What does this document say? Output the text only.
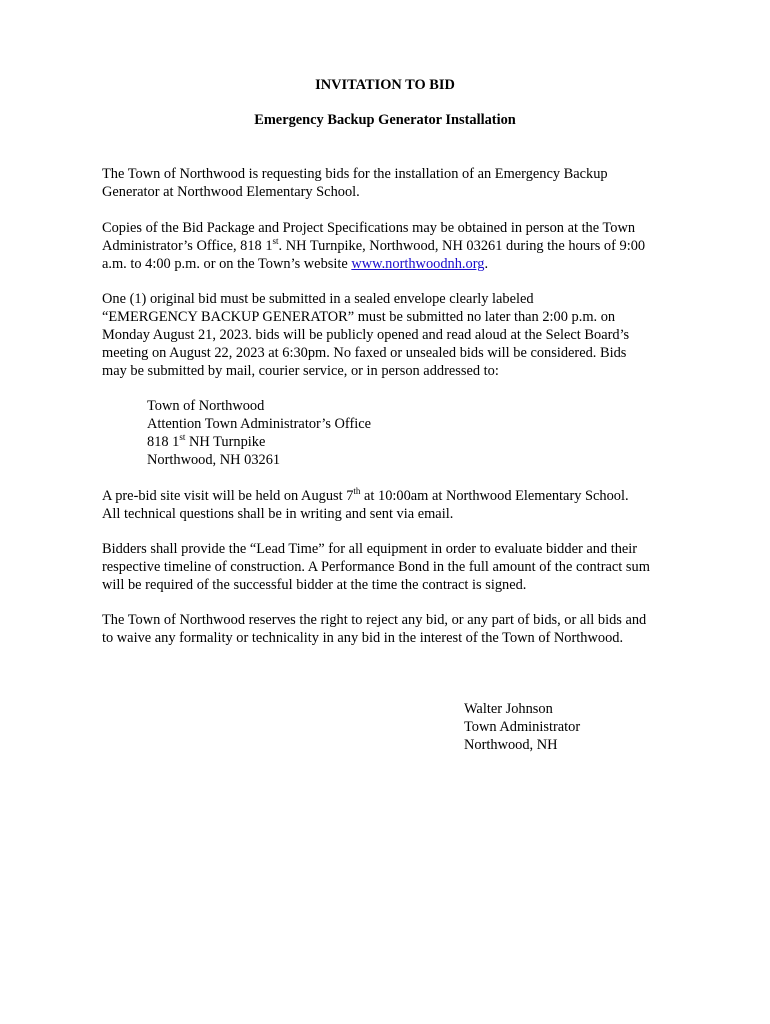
INVITATION TO BID
Emergency Backup Generator Installation

The Town of Northwood is requesting bids for the installation of an Emergency Backup
Generator at Northwood Elementary School.

Copies of the Bid Package and Project Specifications may be obtained in person at the Town
Administrator’s Office, 818 1st. NH Turnpike, Northwood, NH 03261 during the hours of 9:00
a.m. to 4:00 p.m. or on the Town’s website www.northwoodnh.org.

One (1) original bid must be submitted in a sealed envelope clearly labeled
“EMERGENCY BACKUP GENERATOR” must be submitted no later than 2:00 p.m. on
Monday August 21, 2023. bids will be publicly opened and read aloud at the Select Board’s
meeting on August 22, 2023 at 6:30pm. No faxed or unsealed bids will be considered. Bids
may be submitted by mail, courier service, or in person addressed to:

Town of Northwood
Attention Town Administrator’s Office
818 1st NH Turnpike
Northwood, NH 03261

A pre-bid site visit will be held on August 7th at 10:00am at Northwood Elementary School.
All technical questions shall be in writing and sent via email.

Bidders shall provide the “Lead Time” for all equipment in order to evaluate bidder and their
respective timeline of construction. A Performance Bond in the full amount of the contract sum
will be required of the successful bidder at the time the contract is signed.

The Town of Northwood reserves the right to reject any bid, or any part of bids, or all bids and
to waive any formality or technicality in any bid in the interest of the Town of Northwood.

Walter Johnson
Town Administrator
Northwood, NH
